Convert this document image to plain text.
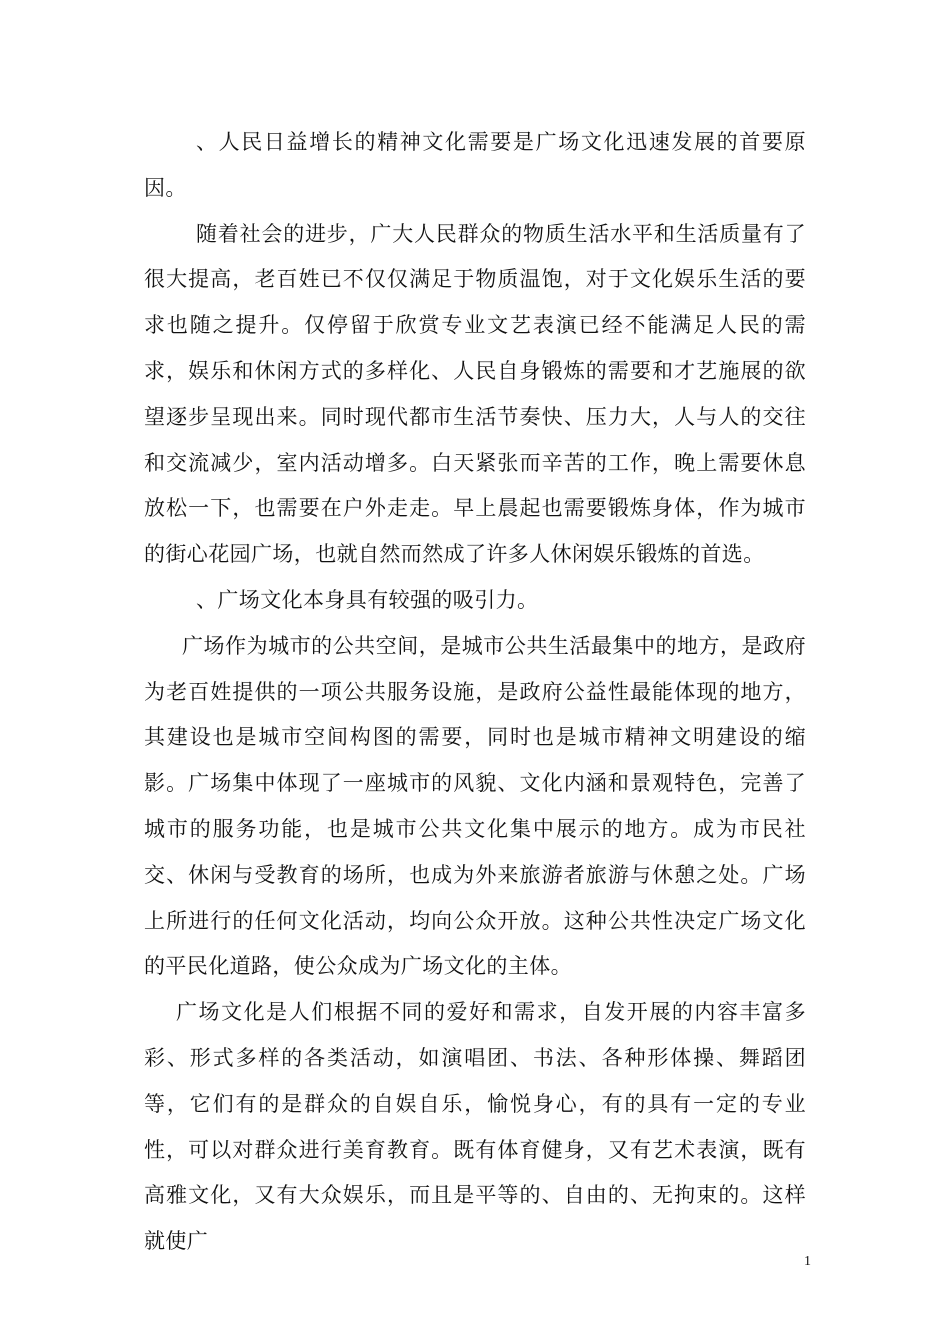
、人民日益增长的精神文化需要是广场文化迅速发展的首要原因。

随着社会的进步，广大人民群众的物质生活水平和生活质量有了很大提高，老百姓已不仅仅满足于物质温饱，对于文化娱乐生活的要求也随之提升。仅停留于欣赏专业文艺表演已经不能满足人民的需求，娱乐和休闲方式的多样化、人民自身锻炼的需要和才艺施展的欲望逐步呈现出来。同时现代都市生活节奏快、压力大，人与人的交往和交流减少，室内活动增多。白天紧张而辛苦的工作，晚上需要休息放松一下，也需要在户外走走。早上晨起也需要锻炼身体，作为城市的街心花园广场，也就自然而然成了许多人休闲娱乐锻炼的首选。

、广场文化本身具有较强的吸引力。

广场作为城市的公共空间，是城市公共生活最集中的地方，是政府为老百姓提供的一项公共服务设施，是政府公益性最能体现的地方，其建设也是城市空间构图的需要，同时也是城市精神文明建设的缩影。广场集中体现了一座城市的风貌、文化内涵和景观特色，完善了城市的服务功能，也是城市公共文化集中展示的地方。成为市民社交、休闲与受教育的场所，也成为外来旅游者旅游与休憩之处。广场上所进行的任何文化活动，均向公众开放。这种公共性决定广场文化的平民化道路，使公众成为广场文化的主体。

广场文化是人们根据不同的爱好和需求，自发开展的内容丰富多彩、形式多样的各类活动，如演唱团、书法、各种形体操、舞蹈团等，它们有的是群众的自娱自乐，愉悦身心，有的具有一定的专业性，可以对群众进行美育教育。既有体育健身，又有艺术表演，既有高雅文化，又有大众娱乐，而且是平等的、自由的、无拘束的。这样就使广

1
